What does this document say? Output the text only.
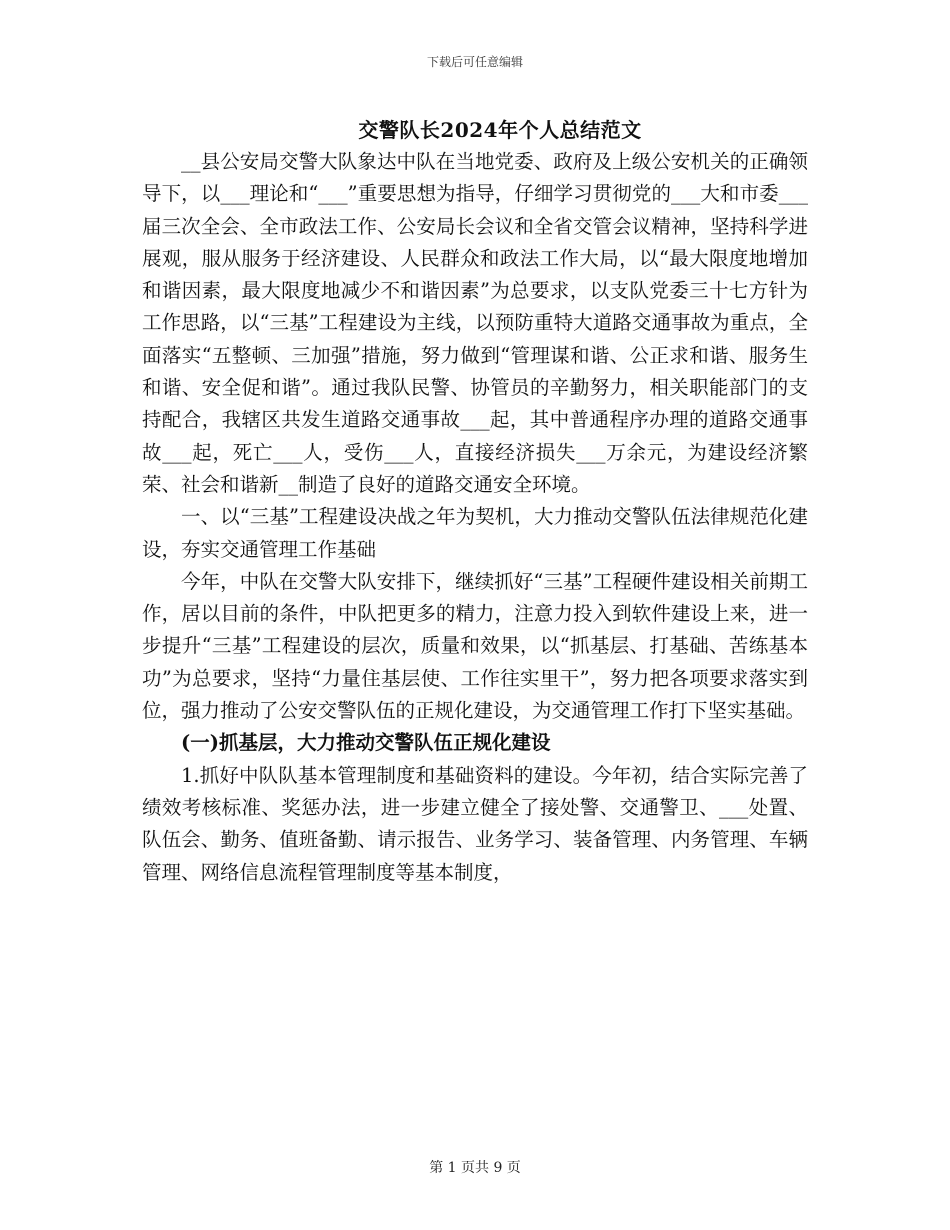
下载后可任意编辑
交警队长2024年个人总结范文

__县公安局交警大队象达中队在当地党委、政府及上级公安机关的正确领导下，以___理论和“___”重要思想为指导，仔细学习贯彻党的___大和市委___届三次全会、全市政法工作、公安局长会议和全省交管会议精神，坚持科学进展观，服从服务于经济建设、人民群众和政法工作大局，以“最大限度地增加和谐因素，最大限度地减少不和谐因素”为总要求，以支队党委三十七方针为工作思路，以“三基”工程建设为主线，以预防重特大道路交通事故为重点，全面落实“五整顿、三加强”措施，努力做到“管理谋和谐、公正求和谐、服务生和谐、安全促和谐”。通过我队民警、协管员的辛勤努力，相关职能部门的支持配合，我辖区共发生道路交通事故___起，其中普通程序办理的道路交通事故___起，死亡___人，受伤___人，直接经济损失___万余元，为建设经济繁荣、社会和谐新__制造了良好的道路交通安全环境。

一、以“三基”工程建设决战之年为契机，大力推动交警队伍法律规范化建设，夯实交通管理工作基础

今年，中队在交警大队安排下，继续抓好“三基”工程硬件建设相关前期工作，居以目前的条件，中队把更多的精力，注意力投入到软件建设上来，进一步提升“三基”工程建设的层次，质量和效果，以“抓基层、打基础、苦练基本功”为总要求，坚持“力量住基层使、工作往实里干”，努力把各项要求落实到位，强力推动了公安交警队伍的正规化建设，为交通管理工作打下坚实基础。

(一)抓基层，大力推动交警队伍正规化建设

1.抓好中队队基本管理制度和基础资料的建设。今年初，结合实际完善了绩效考核标准、奖惩办法，进一步建立健全了接处警、交通警卫、___处置、队伍会、勤务、值班备勤、请示报告、业务学习、装备管理、内务管理、车辆管理、网络信息流程管理制度等基本制度，

第 1 页共 9 页
